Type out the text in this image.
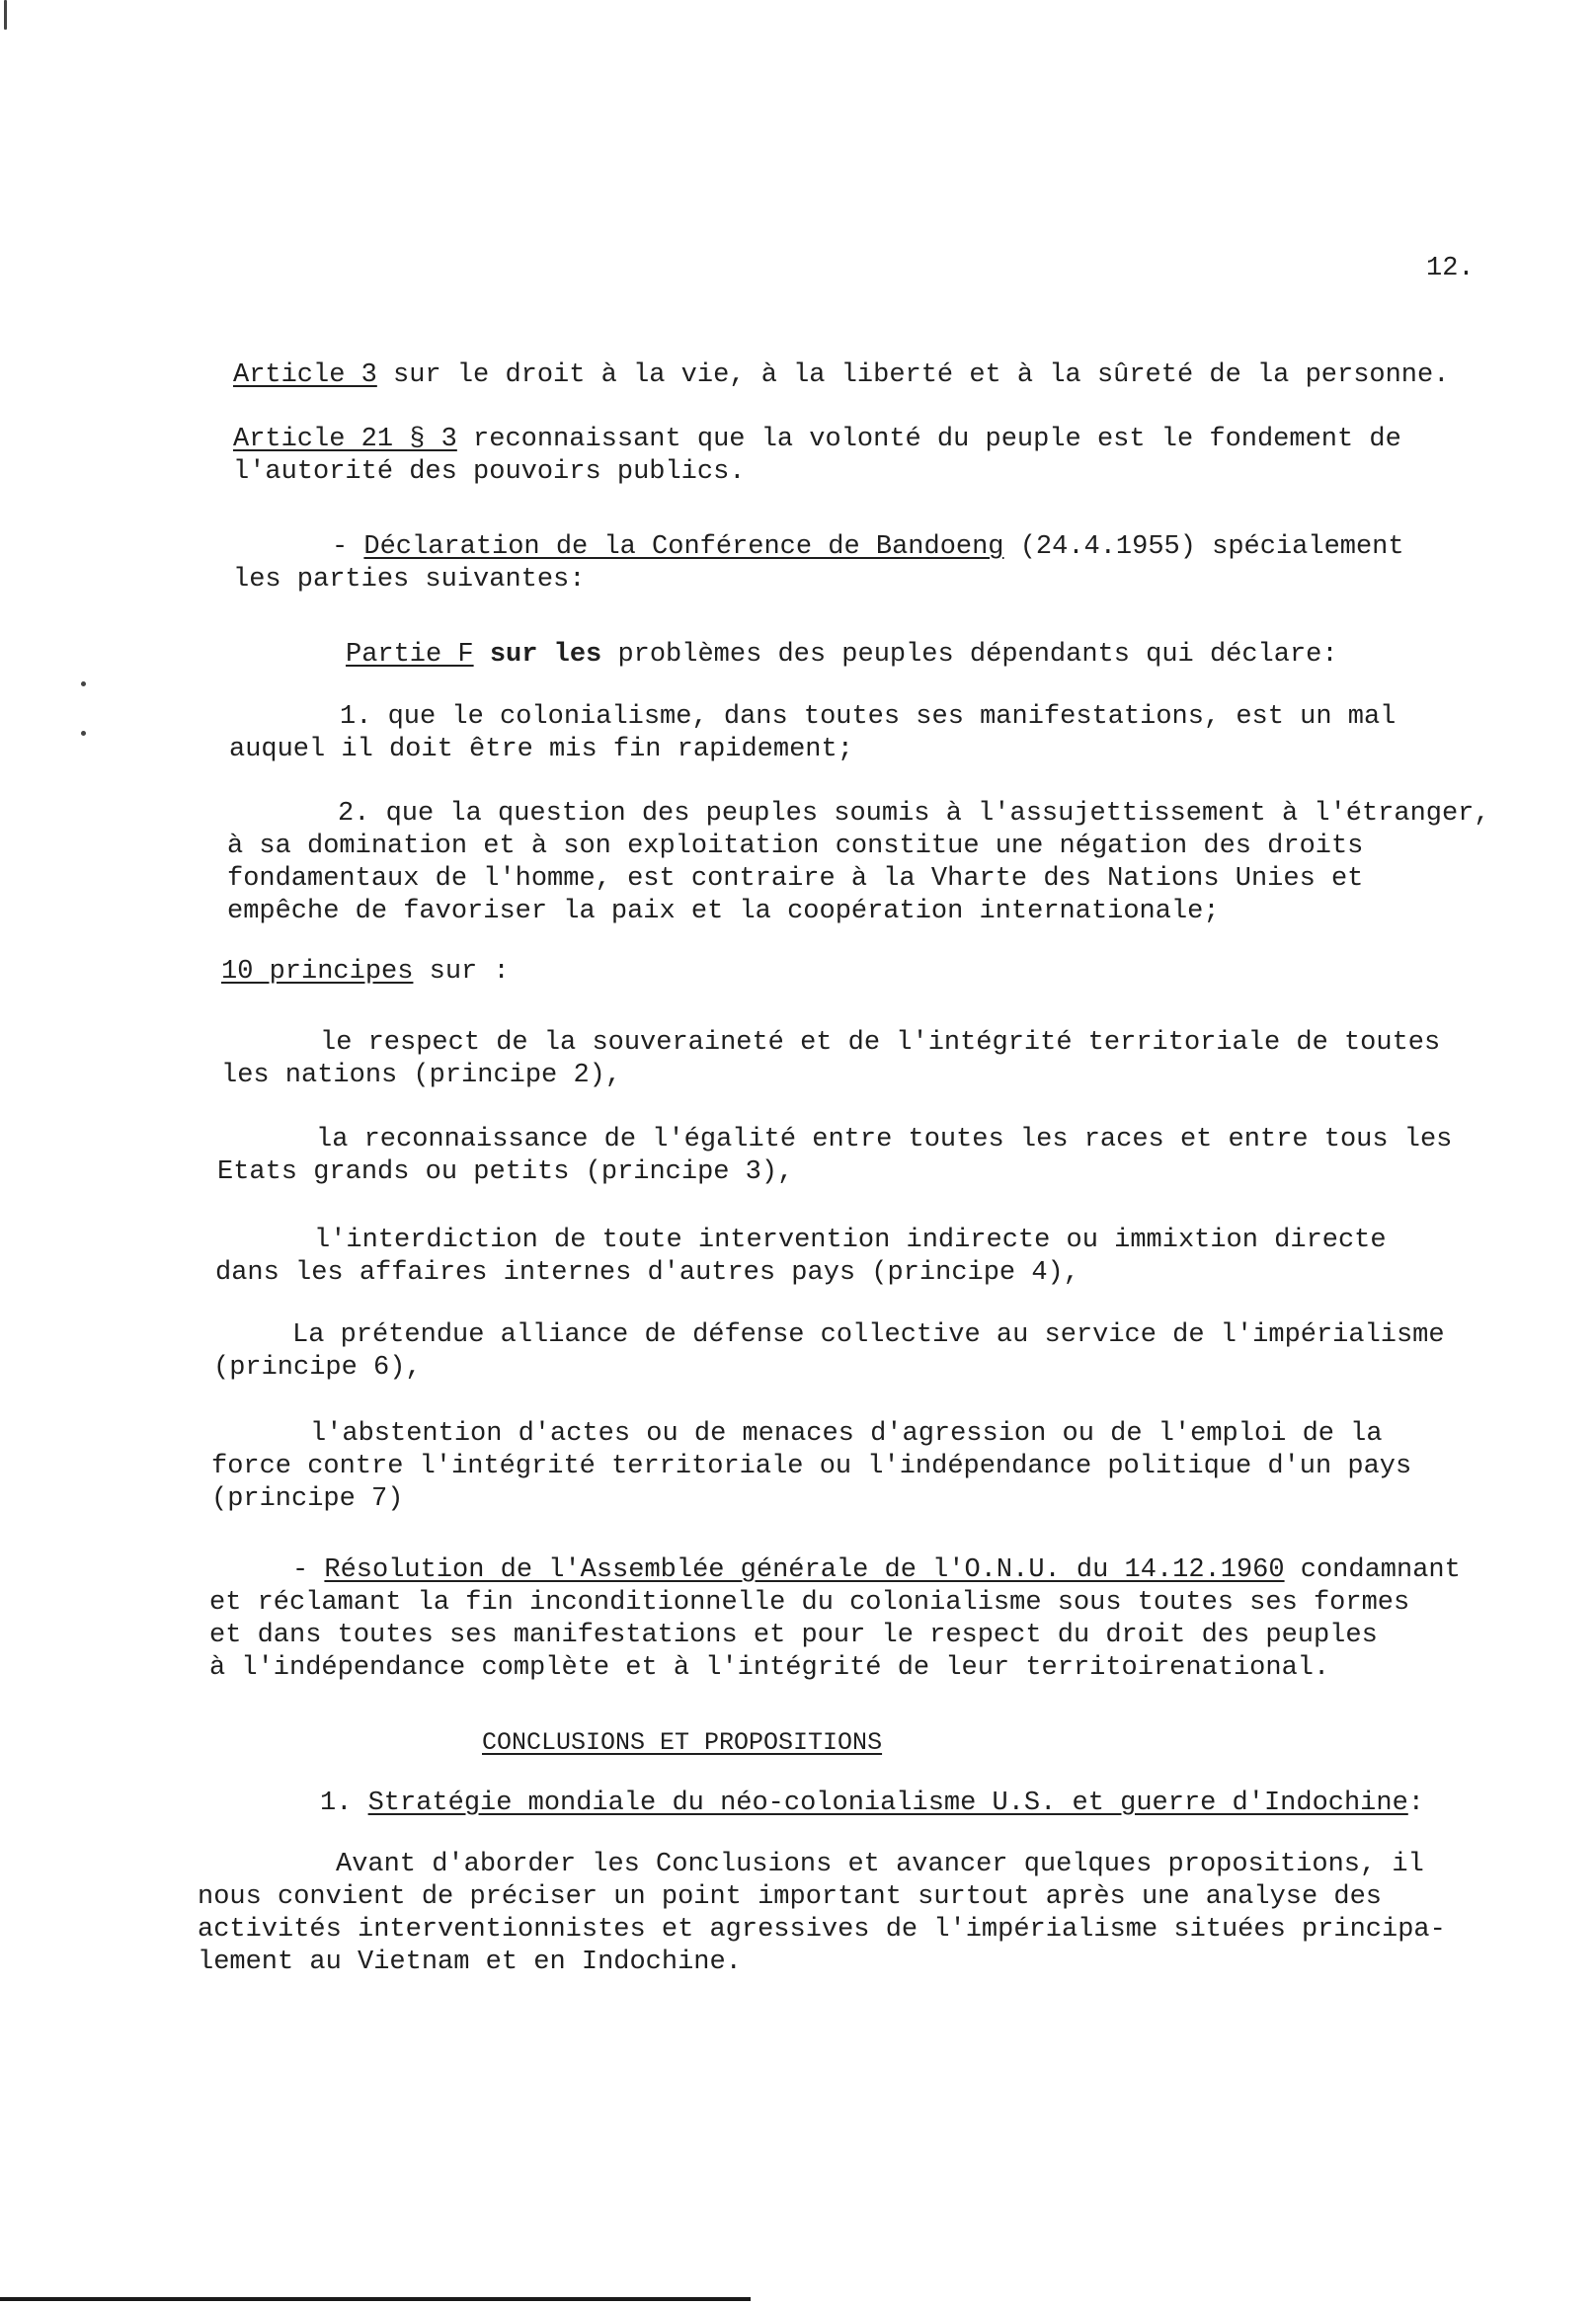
12.
Article 3 sur le droit à la vie, à la liberté et à la sûreté de la personne.
Article 21 § 3 reconnaissant que la volonté du peuple est le fondement de
l'autorité des pouvoirs publics.
- Déclaration de la Conférence de Bandoeng (24.4.1955) spécialement
les parties suivantes:
Partie F sur les problèmes des peuples dépendants qui déclare:
1. que le colonialisme, dans toutes ses manifestations, est un mal
auquel il doit être mis fin rapidement;
2. que la question des peuples soumis à l'assujettissement à l'étranger,
à sa domination et à son exploitation constitue une négation des droits
fondamentaux de l'homme, est contraire à la Vharte des Nations Unies et
empêche de favoriser la paix et la coopération internationale;
10 principes sur :
le respect de la souveraineté et de l'intégrité territoriale de toutes
les nations (principe 2),
la reconnaissance de l'égalité entre toutes les races et entre tous les
Etats grands ou petits (principe 3),
l'interdiction de toute intervention indirecte ou immixtion directe
dans les affaires internes d'autres pays (principe 4),
La prétendue alliance de défense collective au service de l'impérialisme
(principe 6),
l'abstention d'actes ou de menaces d'agression ou de l'emploi de la
force contre l'intégrité territoriale ou l'indépendance politique d'un pays
(principe 7)
- Résolution de l'Assemblée générale de l'O.N.U. du 14.12.1960 condamnant
et réclamant la fin inconditionnelle du colonialisme sous toutes ses formes
et dans toutes ses manifestations et pour le respect du droit des peuples
à l'indépendance complète et à l'intégrité de leur territoirenational.
CONCLUSIONS ET PROPOSITIONS
1. Stratégie mondiale du néo-colonialisme U.S. et guerre d'Indochine:
Avant d'aborder les Conclusions et avancer quelques propositions, il
nous convient de préciser un point important surtout après une analyse des
activités interventionnistes et agressives de l'impérialisme situées principa-
lement au Vietnam et en Indochine.
